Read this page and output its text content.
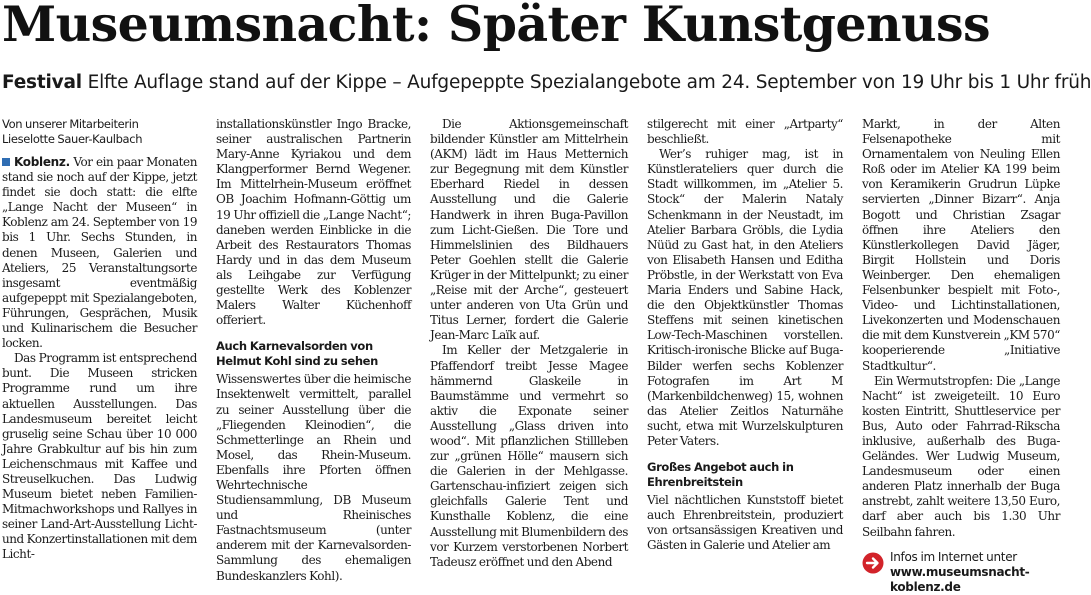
Museumsnacht: Später Kunstgenuss
Festival Elfte Auflage stand auf der Kippe – Aufgepeppte Spezialangebote am 24. September von 19 Uhr bis 1 Uhr früh
Von unserer Mitarbeiterin
Lieselotte Sauer-Kaulbach

Koblenz. Vor ein paar Monaten stand sie noch auf der Kippe, jetzt findet sie doch statt: die elfte „Lange Nacht der Museen“ in Koblenz am 24. September von 19 bis 1 Uhr. Sechs Stunden, in denen Museen, Galerien und Ateliers, 25 Veranstaltungsorte insgesamt eventmäßig aufgepeppt mit Spezialangeboten, Führungen, Gesprächen, Musik und Kulinarischem die Besucher locken.

Das Programm ist entsprechend bunt. Die Museen stricken Programme rund um ihre aktuellen Ausstellungen. Das Landesmuseum bereitet leicht gruselig seine Schau über 10 000 Jahre Grabkultur auf bis hin zum Leichenschmaus mit Kaffee und Streuselkuchen. Das Ludwig Museum bietet neben Familien-Mitmachworkshops und Rallyes in seiner Land-Art-Ausstellung Licht- und Konzertinstallationen mit dem Licht-

installationskünstler Ingo Bracke, seiner australischen Partnerin Mary-Anne Kyriakou und dem Klangperformer Bernd Wegener. Im Mittelrhein-Museum eröffnet OB Joachim Hofmann-Göttig um 19 Uhr offiziell die „Lange Nacht“; daneben werden Einblicke in die Arbeit des Restaurators Thomas Hardy und in das dem Museum als Leihgabe zur Verfügung gestellte Werk des Koblenzer Malers Walter Küchenhoff offeriert.

Auch Karnevalsorden von Helmut Kohl sind zu sehen

Wissenswertes über die heimische Insektenwelt vermittelt, parallel zu seiner Ausstellung über die „Fliegenden Kleinodien“, die Schmetterlinge an Rhein und Mosel, das Rhein-Museum. Ebenfalls ihre Pforten öffnen Wehrtechnische Studiensammlung, DB Museum und Rheinisches Fastnachtsmuseum (unter anderem mit der Karnevalsorden-Sammlung des ehemaligen Bundeskanzlers Kohl).

Die Aktionsgemeinschaft bildender Künstler am Mittelrhein (AKM) lädt im Haus Metternich zur Begegnung mit dem Künstler Eberhard Riedel in dessen Ausstellung und die Galerie Handwerk in ihren Buga-Pavillon zum Licht-Gießen. Die Tore und Himmelslinien des Bildhauers Peter Goehlen stellt die Galerie Krüger in der Mittelpunkt; zu einer „Reise mit der Arche“, gesteuert unter anderen von Uta Grün und Titus Lerner, fordert die Galerie Jean-Marc Laïk auf.

Im Keller der Metzgalerie in Pfaffendorf treibt Jesse Magee hämmernd Glaskeile in Baumstämme und vermehrt so aktiv die Exponate seiner Ausstellung „Glass driven into wood“. Mit pflanzlichen Stillleben zur „grünen Hölle“ mausern sich die Galerien in der Mehlgasse. Gartenschau-infiziert zeigen sich gleichfalls Galerie Tent und Kunsthalle Koblenz, die eine Ausstellung mit Blumenbildern des vor Kurzem verstorbenen Norbert Tadeusz eröffnet und den Abend

stilgerecht mit einer „Artparty“ beschließt.

Wer’s ruhiger mag, ist in Künstlerateliers quer durch die Stadt willkommen, im „Atelier 5. Stock“ der Malerin Nataly Schenkmann in der Neustadt, im Atelier Barbara Gröbls, die Lydia Nüüd zu Gast hat, in den Ateliers von Elisabeth Hansen und Editha Pröbstle, in der Werkstatt von Eva Maria Enders und Sabine Hack, die den Objektkünstler Thomas Steffens mit seinen kinetischen Low-Tech-Maschinen vorstellen. Kritisch-ironische Blicke auf Buga-Bilder werfen sechs Koblenzer Fotografen im Art M (Markenbildchenweg) 15, wohnen das Atelier Zeitlos Naturnähe sucht, etwa mit Wurzelskulpturen Peter Vaters.

Großes Angebot auch in Ehrenbreitstein

Viel nächtlichen Kunststoff bietet auch Ehrenbreitstein, produziert von ortsansässigen Kreativen und Gästen in Galerie und Atelier am

Markt, in der Alten Felsenapotheke mit Ornamentalem von Neuling Ellen Roß oder im Atelier KA 199 beim von Keramikerin Grudrun Lüpke servierten „Dinner Bizarr“. Anja Bogott und Christian Zsagar öffnen ihre Ateliers den Künstlerkollegen David Jäger, Birgit Hollstein und Doris Weinberger. Den ehemaligen Felsenbunker bespielt mit Foto-, Video- und Lichtinstallationen, Livekonzerten und Modenschauen die mit dem Kunstverein „KM 570“ kooperierende „Initiative Stadtkultur“.

Ein Wermutstropfen: Die „Lange Nacht“ ist zweigeteilt. 10 Euro kosten Eintritt, Shuttleservice per Bus, Auto oder Fahrrad-Rikscha inklusive, außerhalb des Buga-Geländes. Wer Ludwig Museum, Landesmuseum oder einen anderen Platz innerhalb der Buga anstrebt, zahlt weitere 13,50 Euro, darf aber auch bis 1.30 Uhr Seilbahn fahren.

Infos im Internet unter www.museumsnacht-koblenz.de
